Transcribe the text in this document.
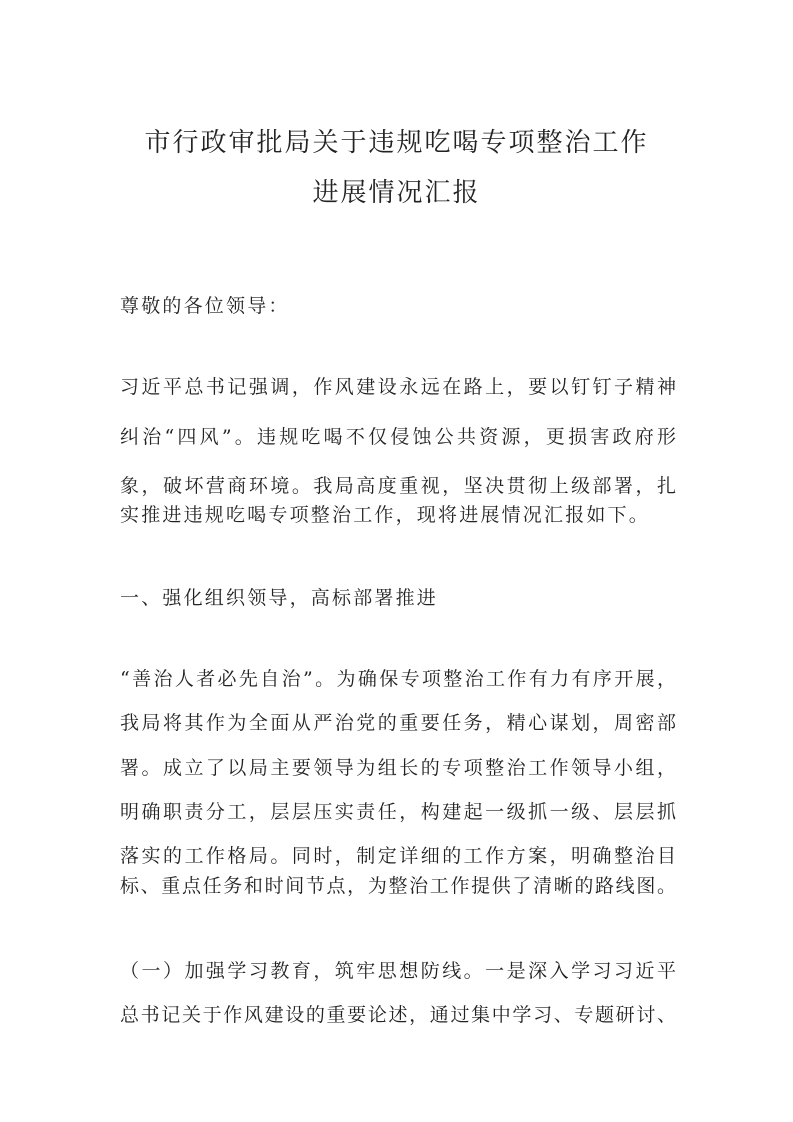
市行政审批局关于违规吃喝专项整治工作
进展情况汇报
尊敬的各位领导：
习近平总书记强调，作风建设永远在路上，要以钉钉子精神
纠治“四风”。违规吃喝不仅侵蚀公共资源，更损害政府形
象，破坏营商环境。我局高度重视，坚决贯彻上级部署，扎
实推进违规吃喝专项整治工作，现将进展情况汇报如下。
一、强化组织领导，高标部署推进
“善治人者必先自治”。为确保专项整治工作有力有序开展，
我局将其作为全面从严治党的重要任务，精心谋划，周密部
署。成立了以局主要领导为组长的专项整治工作领导小组，
明确职责分工，层层压实责任，构建起一级抓一级、层层抓
落实的工作格局。同时，制定详细的工作方案，明确整治目
标、重点任务和时间节点，为整治工作提供了清晰的路线图。
（一）加强学习教育，筑牢思想防线。一是深入学习习近平
总书记关于作风建设的重要论述，通过集中学习、专题研讨、
